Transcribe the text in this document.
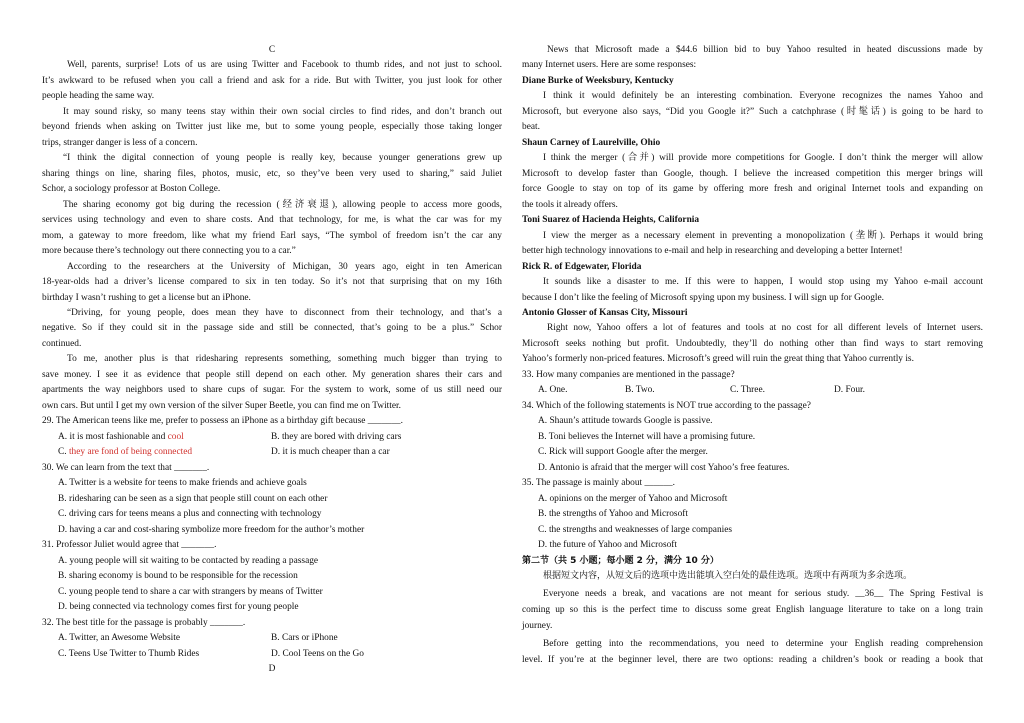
C
Well, parents, surprise! Lots of us are using Twitter and Facebook to thumb rides, and not just to school.
It’s awkward to be refused when you call a friend and ask for a ride. But with Twitter, you just look for other
people heading the same way.
It may sound risky, so many teens stay within their own social circles to find rides, and don’t branch out
beyond friends when asking on Twitter just like me, but to some young people, especially those taking longer
trips, stranger danger is less of a concern.
“I think the digital connection of young people is really key, because younger generations grew up
sharing things on line, sharing files, photos, music, etc, so they’ve been very used to sharing,” said Juliet
Schor, a sociology professor at Boston College.
The sharing economy got big during the recession (经济衰退), allowing people to access more goods,
services using technology and even to share costs. And that technology, for me, is what the car was for my
mom, a gateway to more freedom, like what my friend Earl says, “The symbol of freedom isn’t the car any
more because there’s technology out there connecting you to a car.”
According to the researchers at the University of Michigan, 30 years ago, eight in ten American
18-year-olds had a driver’s license compared to six in ten today. So it’s not that surprising that on my 16th
birthday I wasn’t rushing to get a license but an iPhone.
“Driving, for young people, does mean they have to disconnect from their technology, and that’s a
negative. So if they could sit in the passage side and still be connected, that’s going to be a plus.” Schor
continued.
To me, another plus is that ridesharing represents something, something much bigger than trying to
save money. I see it as evidence that people still depend on each other. My generation shares their cars and
apartments the way neighbors used to share cups of sugar. For the system to work, some of us still need our
own cars. But until I get my own version of the silver Super Beetle, you can find me on Twitter.
29. The American teens like me, prefer to possess an iPhone as a birthday gift because _______.
A. it is most fashionable and cool	B. they are bored with driving cars
C. they are fond of being connected	D. it is much cheaper than a car
30. We can learn from the text that _______.
A. Twitter is a website for teens to make friends and achieve goals
B. ridesharing can be seen as a sign that people still count on each other
C. driving cars for teens means a plus and connecting with technology
D. having a car and cost-sharing symbolize more freedom for the author’s mother
31. Professor Juliet would agree that _______.
A. young people will sit waiting to be contacted by reading a passage
B. sharing economy is bound to be responsible for the recession
C. young people tend to share a car with strangers by means of Twitter
D. being connected via technology comes first for young people
32. The best title for the passage is probably _______.
A. Twitter, an Awesome Website	B. Cars or iPhone
C. Teens Use Twitter to Thumb Rides	D. Cool Teens on the Go
D
News that Microsoft made a $44.6 billion bid to buy Yahoo resulted in heated discussions made by
many Internet users. Here are some responses:
Diane Burke of Weeksbury, Kentucky
I think it would definitely be an interesting combination. Everyone recognizes the names Yahoo and
Microsoft, but everyone also says, “Did you Google it?” Such a catchphrase (时髦话) is going to be hard to
beat.
Shaun Carney of Laurelville, Ohio
I think the merger (合并) will provide more competitions for Google. I don’t think the merger will allow
Microsoft to develop faster than Google, though. I believe the increased competition this merger brings will
force Google to stay on top of its game by offering more fresh and original Internet tools and expanding on
the tools it already offers.
Toni Suarez of Hacienda Heights, California
I view the merger as a necessary element in preventing a monopolization (垄断). Perhaps it would bring
better high technology innovations to e-mail and help in researching and developing a better Internet!
Rick R. of Edgewater, Florida
It sounds like a disaster to me. If this were to happen, I would stop using my Yahoo e-mail account
because I don’t like the feeling of Microsoft spying upon my business. I will sign up for Google.
Antonio Glosser of Kansas City, Missouri
Right now, Yahoo offers a lot of features and tools at no cost for all different levels of Internet users.
Microsoft seeks nothing but profit. Undoubtedly, they’ll do nothing other than find ways to start removing
Yahoo’s formerly non-priced features. Microsoft’s greed will ruin the great thing that Yahoo currently is.
33. How many companies are mentioned in the passage?
A. One.	B. Two.	C. Three.	D. Four.
34. Which of the following statements is NOT true according to the passage?
A. Shaun’s attitude towards Google is passive.
B. Toni believes the Internet will have a promising future.
C. Rick will support Google after the merger.
D. Antonio is afraid that the merger will cost Yahoo’s free features.
35. The passage is mainly about ______.
A. opinions on the merger of Yahoo and Microsoft
B. the strengths of Yahoo and Microsoft
C. the strengths and weaknesses of large companies
D. the future of Yahoo and Microsoft
第二节（共 5 小题；每小题 2 分，满分 10 分）
根据短文内容，从短文后的选项中选出能填入空白处的最佳选项。选项中有两项为多余选项。
Everyone needs a break, and vacations are not meant for serious study. __36__ The Spring Festival is
coming up so this is the perfect time to discuss some great English language literature to take on a long train
journey.
Before getting into the recommendations, you need to determine your English reading comprehension
level. If you’re at the beginner level, there are two options: reading a children’s book or reading a book that
